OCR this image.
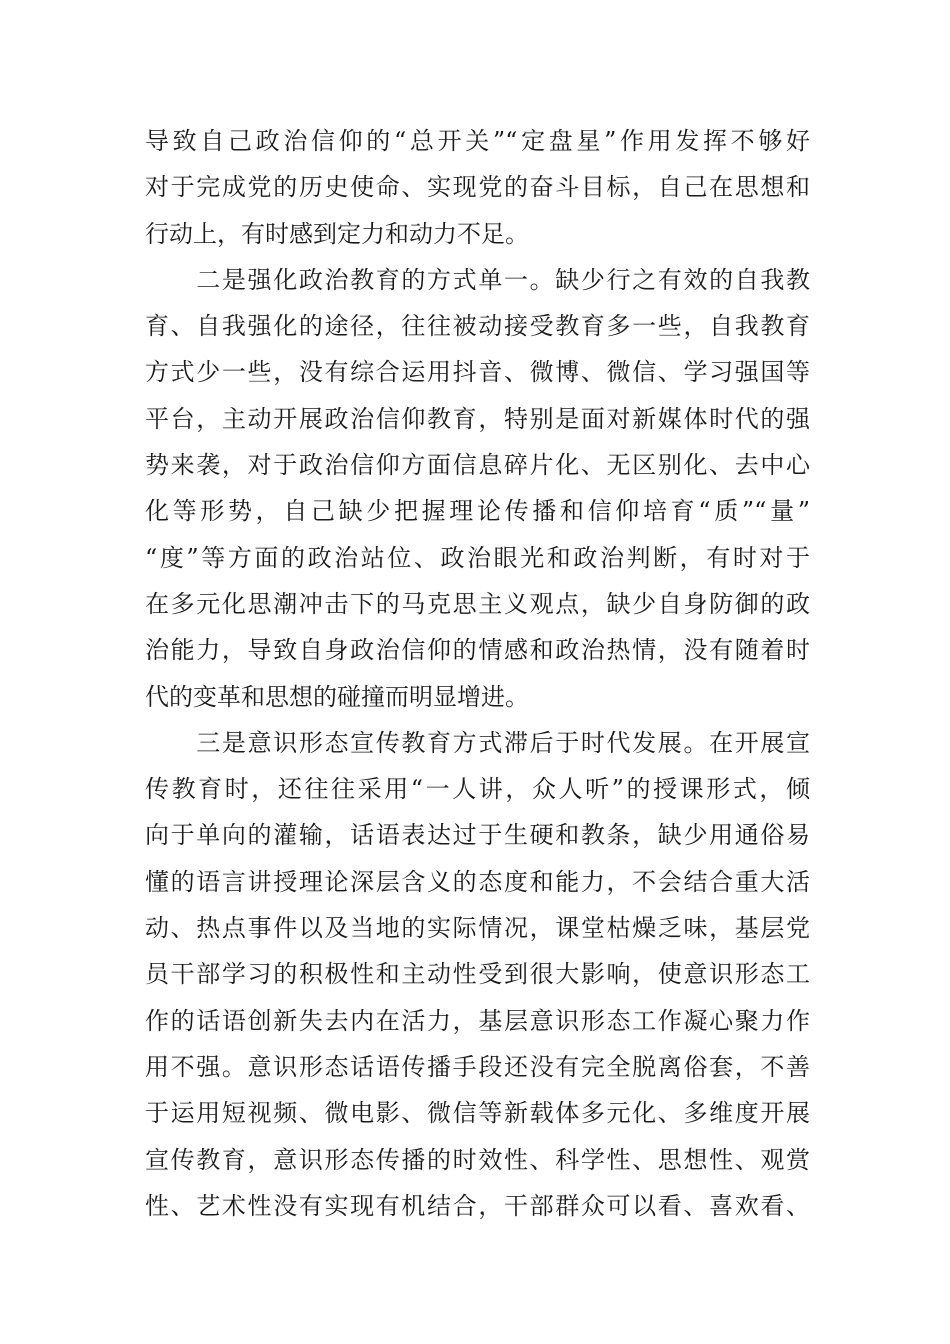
导致自己政治信仰的“总开关”“定盘星”作用发挥不够好
对于完成党的历史使命、实现党的奋斗目标，自己在思想和
行动上，有时感到定力和动力不足。
　　二是强化政治教育的方式单一。缺少行之有效的自我教
育、自我强化的途径，往往被动接受教育多一些，自我教育
方式少一些，没有综合运用抖音、微博、微信、学习强国等
平台，主动开展政治信仰教育，特别是面对新媒体时代的强
势来袭，对于政治信仰方面信息碎片化、无区别化、去中心
化等形势，自己缺少把握理论传播和信仰培育“质”“量”
“度”等方面的政治站位、政治眼光和政治判断，有时对于
在多元化思潮冲击下的马克思主义观点，缺少自身防御的政
治能力，导致自身政治信仰的情感和政治热情，没有随着时
代的变革和思想的碰撞而明显增进。
　　三是意识形态宣传教育方式滞后于时代发展。在开展宣
传教育时，还往往采用“一人讲，众人听”的授课形式，倾
向于单向的灌输，话语表达过于生硬和教条，缺少用通俗易
懂的语言讲授理论深层含义的态度和能力，不会结合重大活
动、热点事件以及当地的实际情况，课堂枯燥乏味，基层党
员干部学习的积极性和主动性受到很大影响，使意识形态工
作的话语创新失去内在活力，基层意识形态工作凝心聚力作
用不强。意识形态话语传播手段还没有完全脱离俗套，不善
于运用短视频、微电影、微信等新载体多元化、多维度开展
宣传教育，意识形态传播的时效性、科学性、思想性、观赏
性、艺术性没有实现有机结合，干部群众可以看、喜欢看、
